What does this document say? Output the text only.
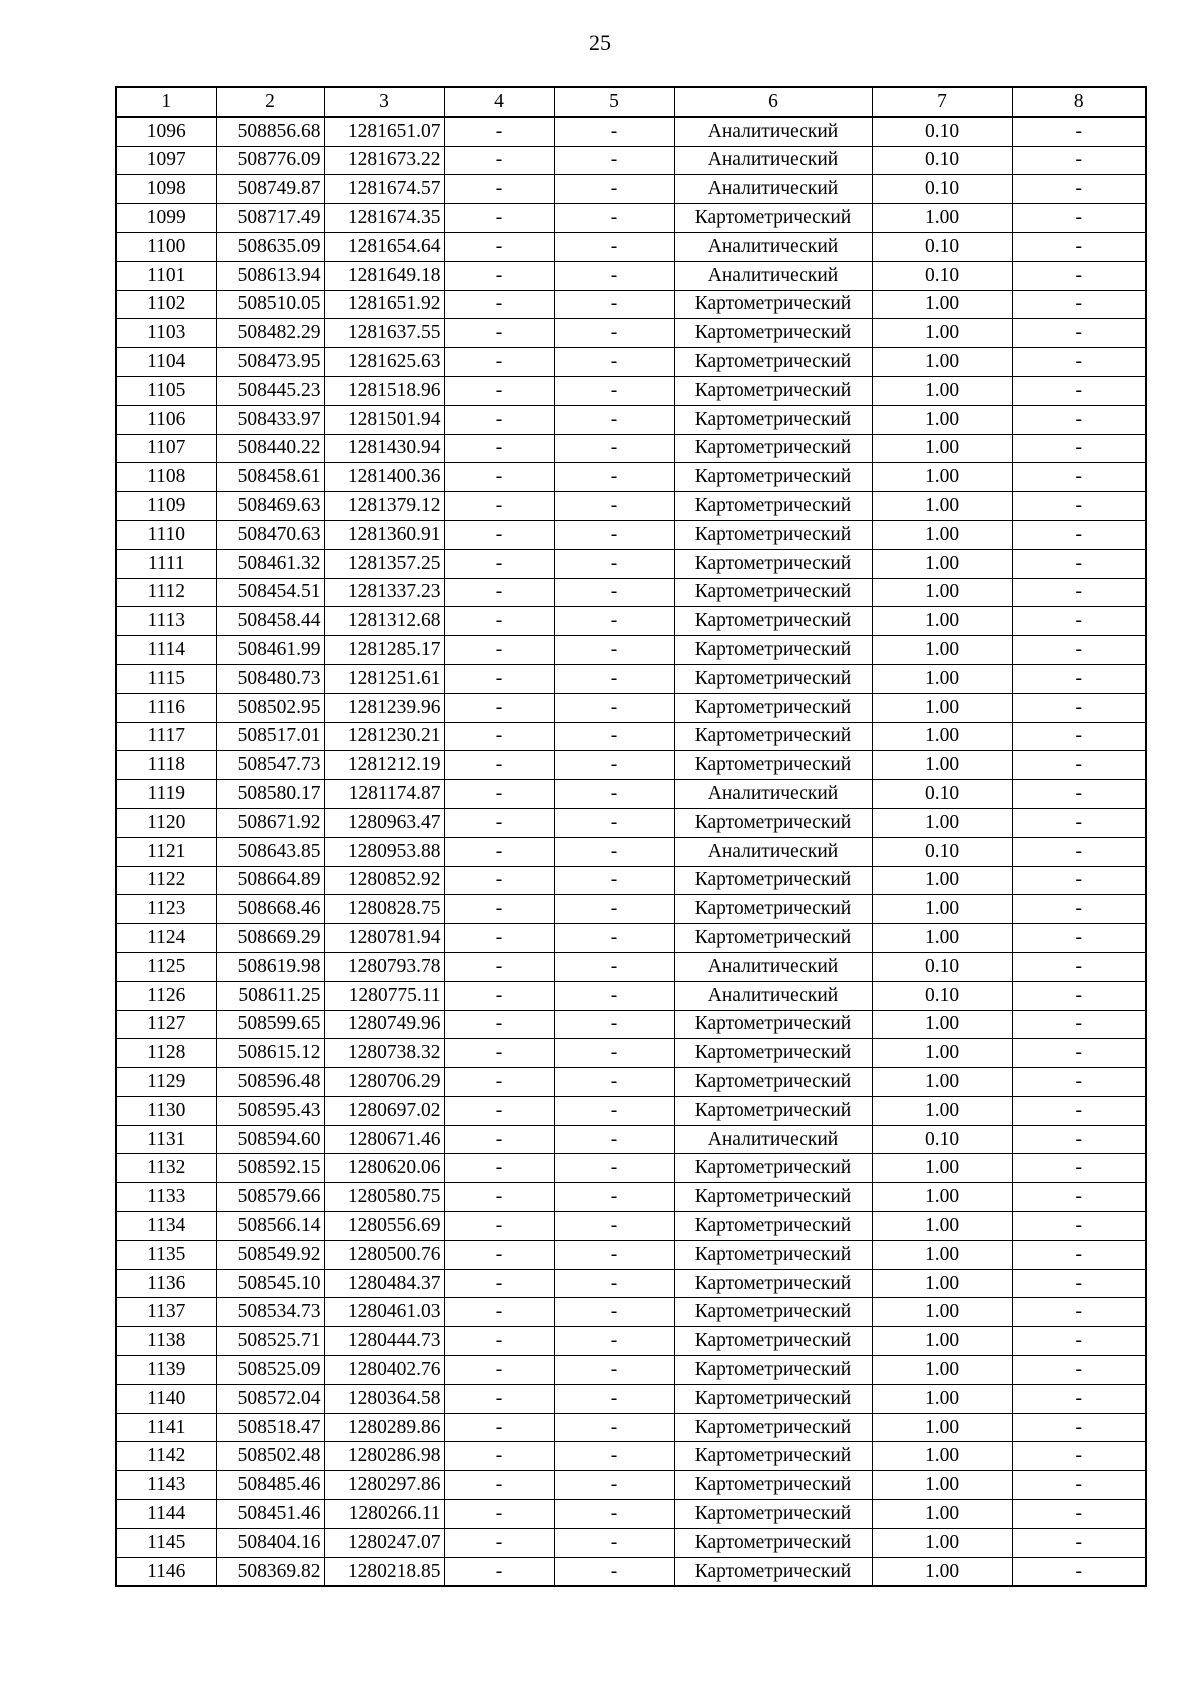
25
1	2	3	4	5	6	7	8
1096	508856.68	1281651.07	-	-	Аналитический	0.10	-
1097	508776.09	1281673.22	-	-	Аналитический	0.10	-
1098	508749.87	1281674.57	-	-	Аналитический	0.10	-
1099	508717.49	1281674.35	-	-	Картометрический	1.00	-
1100	508635.09	1281654.64	-	-	Аналитический	0.10	-
1101	508613.94	1281649.18	-	-	Аналитический	0.10	-
1102	508510.05	1281651.92	-	-	Картометрический	1.00	-
1103	508482.29	1281637.55	-	-	Картометрический	1.00	-
1104	508473.95	1281625.63	-	-	Картометрический	1.00	-
1105	508445.23	1281518.96	-	-	Картометрический	1.00	-
1106	508433.97	1281501.94	-	-	Картометрический	1.00	-
1107	508440.22	1281430.94	-	-	Картометрический	1.00	-
1108	508458.61	1281400.36	-	-	Картометрический	1.00	-
1109	508469.63	1281379.12	-	-	Картометрический	1.00	-
1110	508470.63	1281360.91	-	-	Картометрический	1.00	-
1111	508461.32	1281357.25	-	-	Картометрический	1.00	-
1112	508454.51	1281337.23	-	-	Картометрический	1.00	-
1113	508458.44	1281312.68	-	-	Картометрический	1.00	-
1114	508461.99	1281285.17	-	-	Картометрический	1.00	-
1115	508480.73	1281251.61	-	-	Картометрический	1.00	-
1116	508502.95	1281239.96	-	-	Картометрический	1.00	-
1117	508517.01	1281230.21	-	-	Картометрический	1.00	-
1118	508547.73	1281212.19	-	-	Картометрический	1.00	-
1119	508580.17	1281174.87	-	-	Аналитический	0.10	-
1120	508671.92	1280963.47	-	-	Картометрический	1.00	-
1121	508643.85	1280953.88	-	-	Аналитический	0.10	-
1122	508664.89	1280852.92	-	-	Картометрический	1.00	-
1123	508668.46	1280828.75	-	-	Картометрический	1.00	-
1124	508669.29	1280781.94	-	-	Картометрический	1.00	-
1125	508619.98	1280793.78	-	-	Аналитический	0.10	-
1126	508611.25	1280775.11	-	-	Аналитический	0.10	-
1127	508599.65	1280749.96	-	-	Картометрический	1.00	-
1128	508615.12	1280738.32	-	-	Картометрический	1.00	-
1129	508596.48	1280706.29	-	-	Картометрический	1.00	-
1130	508595.43	1280697.02	-	-	Картометрический	1.00	-
1131	508594.60	1280671.46	-	-	Аналитический	0.10	-
1132	508592.15	1280620.06	-	-	Картометрический	1.00	-
1133	508579.66	1280580.75	-	-	Картометрический	1.00	-
1134	508566.14	1280556.69	-	-	Картометрический	1.00	-
1135	508549.92	1280500.76	-	-	Картометрический	1.00	-
1136	508545.10	1280484.37	-	-	Картометрический	1.00	-
1137	508534.73	1280461.03	-	-	Картометрический	1.00	-
1138	508525.71	1280444.73	-	-	Картометрический	1.00	-
1139	508525.09	1280402.76	-	-	Картометрический	1.00	-
1140	508572.04	1280364.58	-	-	Картометрический	1.00	-
1141	508518.47	1280289.86	-	-	Картометрический	1.00	-
1142	508502.48	1280286.98	-	-	Картометрический	1.00	-
1143	508485.46	1280297.86	-	-	Картометрический	1.00	-
1144	508451.46	1280266.11	-	-	Картометрический	1.00	-
1145	508404.16	1280247.07	-	-	Картометрический	1.00	-
1146	508369.82	1280218.85	-	-	Картометрический	1.00	-
